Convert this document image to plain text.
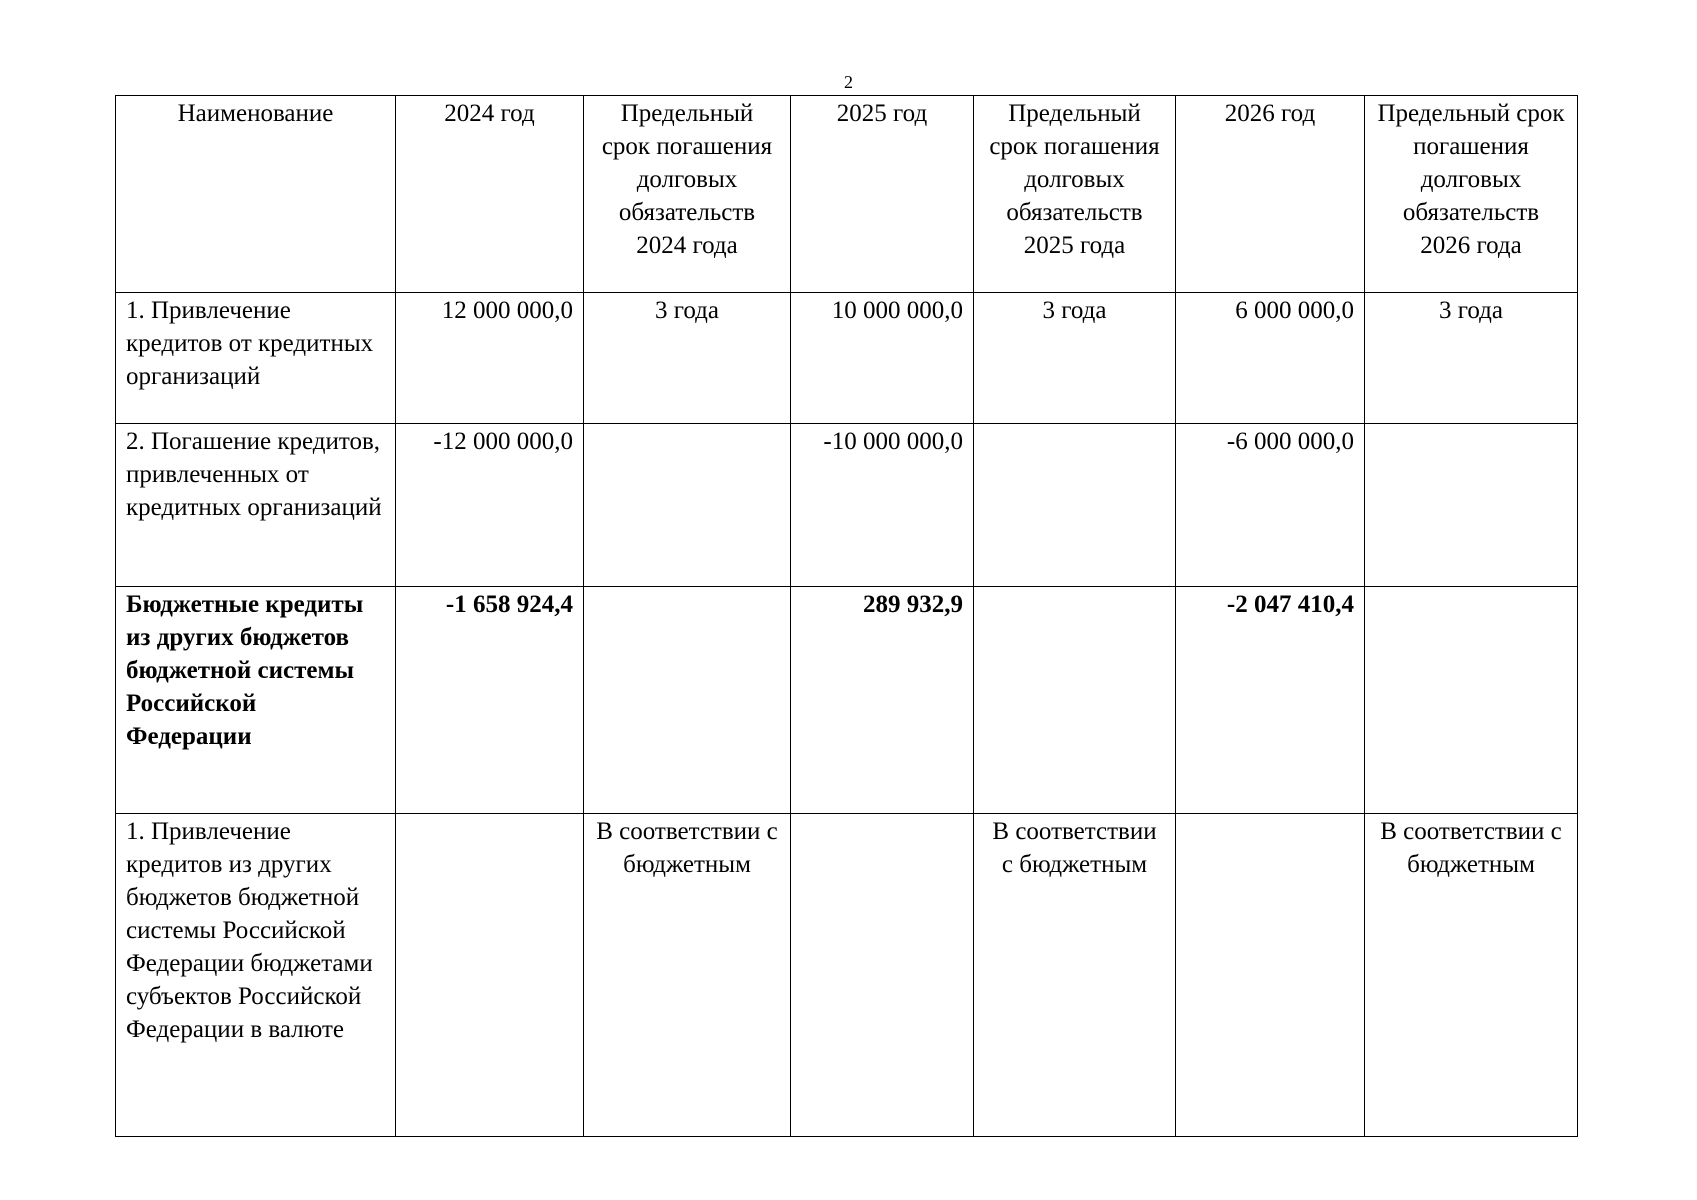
2
Наименование	2024 год	Предельный срок погашения долговых обязательств 2024 года	2025 год	Предельный срок погашения долговых обязательств 2025 года	2026 год	Предельный срок погашения долговых обязательств 2026 года
1. Привлечение кредитов от кредитных организаций	12 000 000,0	3 года	10 000 000,0	3 года	6 000 000,0	3 года
2. Погашение кредитов, привлеченных от кредитных организаций	-12 000 000,0		-10 000 000,0		-6 000 000,0	
Бюджетные кредиты из других бюджетов бюджетной системы Российской Федерации	-1 658 924,4		289 932,9		-2 047 410,4	
1. Привлечение кредитов из других бюджетов бюджетной системы Российской Федерации бюджетами субъектов Российской Федерации в валюте		В соответствии с бюджетным		В соответствии с бюджетным		В соответствии с бюджетным
